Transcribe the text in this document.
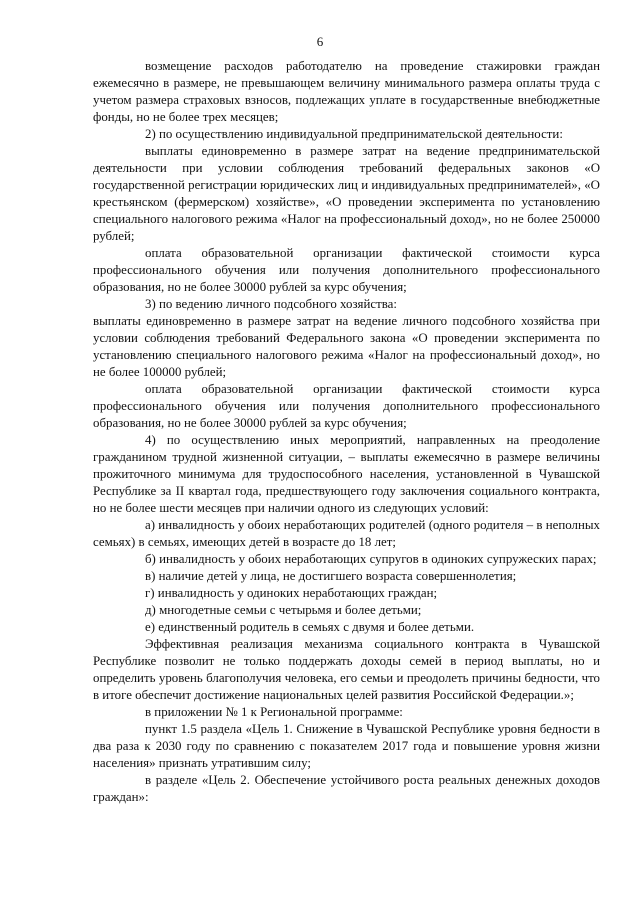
6

возмещение расходов работодателю на проведение стажировки граждан ежемесячно в размере, не превышающем величину минимального размера оплаты труда с учетом размера страховых взносов, подлежащих уплате в государственные внебюджетные фонды, но не более трех месяцев;

2) по осуществлению индивидуальной предпринимательской деятельности:

выплаты единовременно в размере затрат на ведение предпринимательской деятельности при условии соблюдения требований федеральных законов «О государственной регистрации юридических лиц и индивидуальных предпринимателей», «О крестьянском (фермерском) хозяйстве», «О проведении эксперимента по установлению специального налогового режима «Налог на профессиональный доход», но не более 250000 рублей;

оплата образовательной организации фактической стоимости курса профессионального обучения или получения дополнительного профессионального образования, но не более 30000 рублей за курс обучения;

3) по ведению личного подсобного хозяйства:

выплаты единовременно в размере затрат на ведение личного подсобного хозяйства при условии соблюдения требований Федерального закона «О проведении эксперимента по установлению специального налогового режима «Налог на профессиональный доход», но не более 100000 рублей;

оплата образовательной организации фактической стоимости курса профессионального обучения или получения дополнительного профессионального образования, но не более 30000 рублей за курс обучения;

4) по осуществлению иных мероприятий, направленных на преодоление гражданином трудной жизненной ситуации, – выплаты ежемесячно в размере величины прожиточного минимума для трудоспособного населения, установленной в Чувашской Республике за II квартал года, предшествующего году заключения социального контракта, но не более шести месяцев при наличии одного из следующих условий:

а) инвалидность у обоих неработающих родителей (одного родителя – в неполных семьях) в семьях, имеющих детей в возрасте до 18 лет;

б) инвалидность у обоих неработающих супругов в одиноких супружеских парах;

в) наличие детей у лица, не достигшего возраста совершеннолетия;

г) инвалидность у одиноких неработающих граждан;

д) многодетные семьи с четырьмя и более детьми;

е) единственный родитель в семьях с двумя и более детьми.

Эффективная реализация механизма социального контракта в Чувашской Республике позволит не только поддержать доходы семей в период выплаты, но и определить уровень благополучия человека, его семьи и преодолеть причины бедности, что в итоге обеспечит достижение национальных целей развития Российской Федерации.»;

в приложении № 1 к Региональной программе:

пункт 1.5 раздела «Цель 1. Снижение в Чувашской Республике уровня бедности в два раза к 2030 году по сравнению с показателем 2017 года и повышение уровня жизни населения» признать утратившим силу;

в разделе «Цель 2. Обеспечение устойчивого роста реальных денежных доходов граждан»:
